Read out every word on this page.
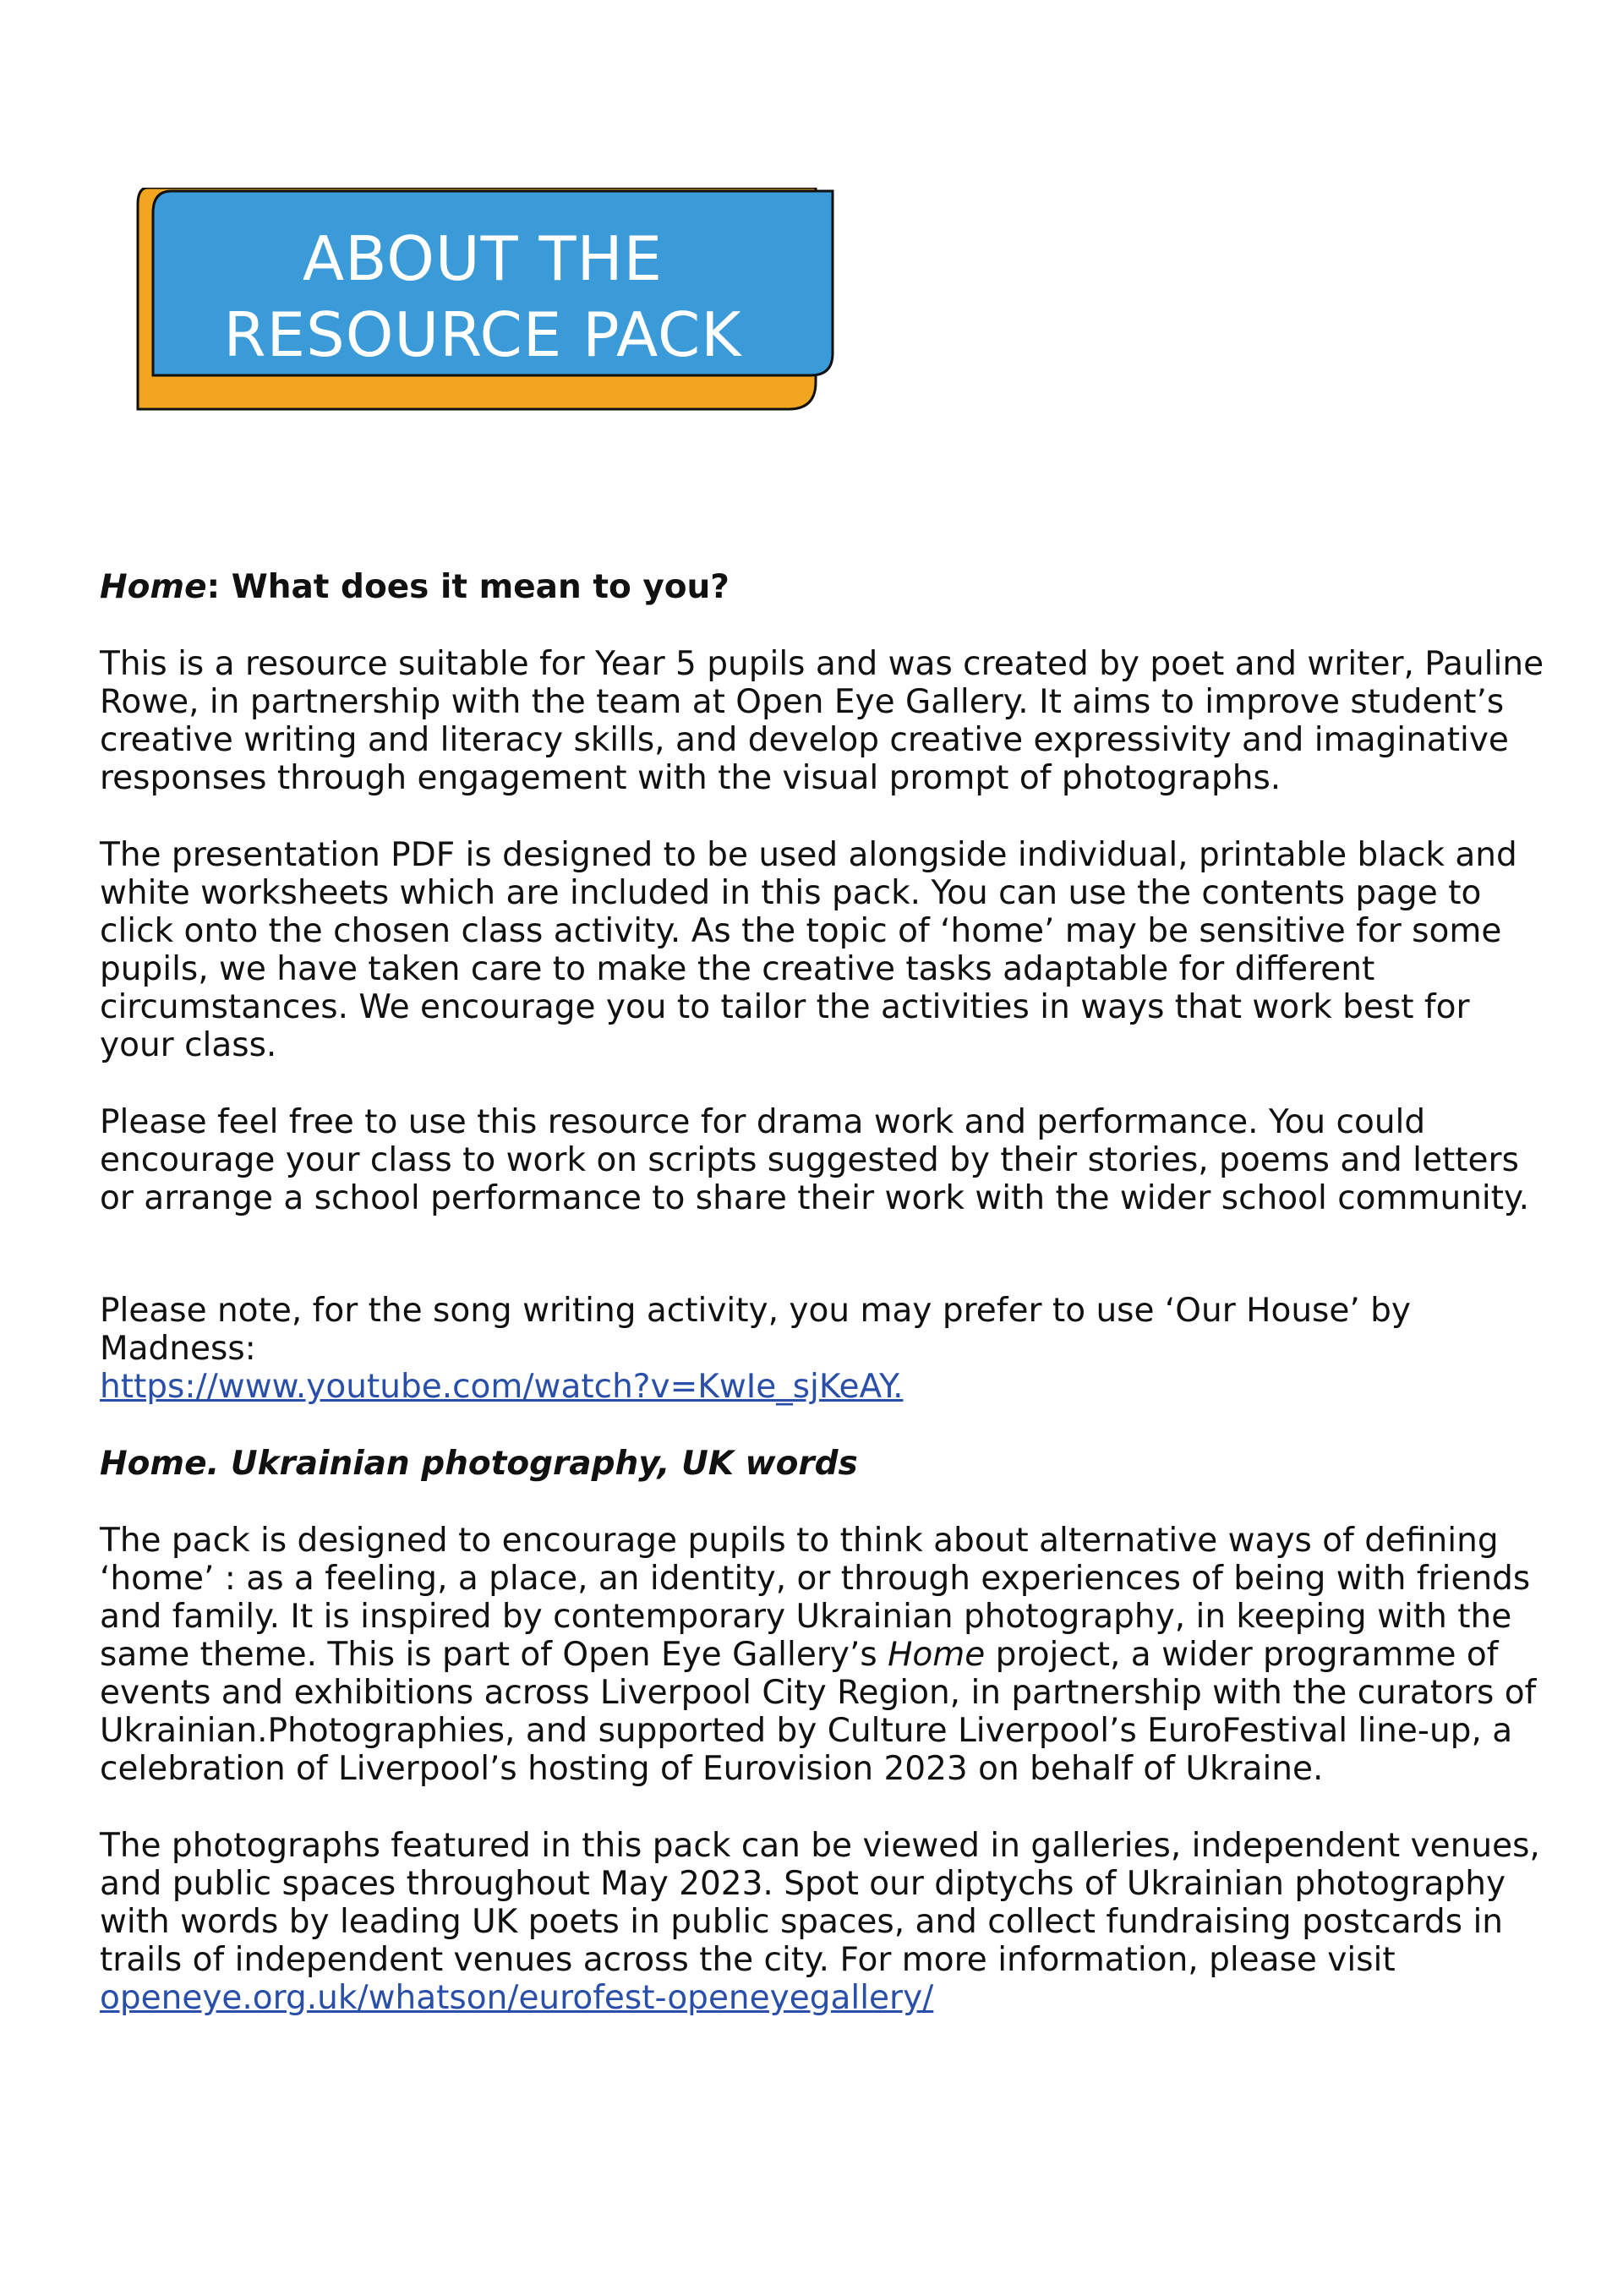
ABOUT THE
RESOURCE PACK

Home: What does it mean to you?

This is a resource suitable for Year 5 pupils and was created by poet and writer, Pauline Rowe, in partnership with the team at Open Eye Gallery. It aims to improve student’s creative writing and literacy skills, and develop creative expressivity and imaginative responses through engagement with the visual prompt of photographs.

The presentation PDF is designed to be used alongside individual, printable black and white worksheets which are included in this pack. You can use the contents page to click onto the chosen class activity. As the topic of ‘home’ may be sensitive for some pupils, we have taken care to make the creative tasks adaptable for different circumstances. We encourage you to tailor the activities in ways that work best for your class.

Please feel free to use this resource for drama work and performance. You could encourage your class to work on scripts suggested by their stories, poems and letters or arrange a school performance to share their work with the wider school community.

Please note, for the song writing activity, you may prefer to use ‘Our House’ by Madness:

https://www.youtube.com/watch?v=KwIe_sjKeAY.

Home. Ukrainian photography, UK words

The pack is designed to encourage pupils to think about alternative ways of defining ‘home’ : as a feeling, a place, an identity, or through experiences of being with friends and family. It is inspired by contemporary Ukrainian photography, in keeping with the same theme. This is part of Open Eye Gallery’s Home project, a wider programme of events and exhibitions across Liverpool City Region, in partnership with the curators of Ukrainian.Photographies, and supported by Culture Liverpool’s EuroFestival line-up, a celebration of Liverpool’s hosting of Eurovision 2023 on behalf of Ukraine.

The photographs featured in this pack can be viewed in galleries, independent venues, and public spaces throughout May 2023. Spot our diptychs of Ukrainian photography with words by leading UK poets in public spaces, and collect fundraising postcards in trails of independent venues across the city. For more information, please visit

openeye.org.uk/whatson/eurofest-openeyegallery/
